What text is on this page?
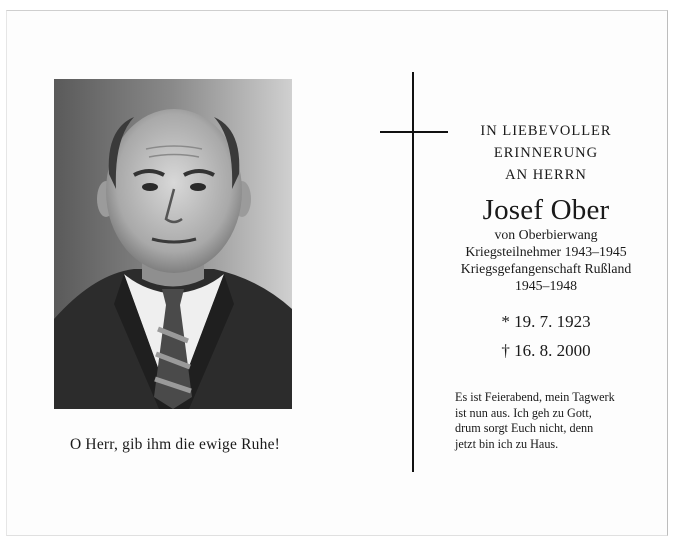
O Herr, gib ihm die ewige Ruhe!
IN LIEBEVOLLER
ERINNERUNG
AN HERRN
Josef Ober
von Oberbierwang
Kriegsteilnehmer 1943–1945
Kriegsgefangenschaft Rußland
1945–1948
* 19. 7. 1923
† 16. 8. 2000
Es ist Feierabend, mein Tagwerk
ist nun aus. Ich geh zu Gott,
drum sorgt Euch nicht, denn
jetzt bin ich zu Haus.
